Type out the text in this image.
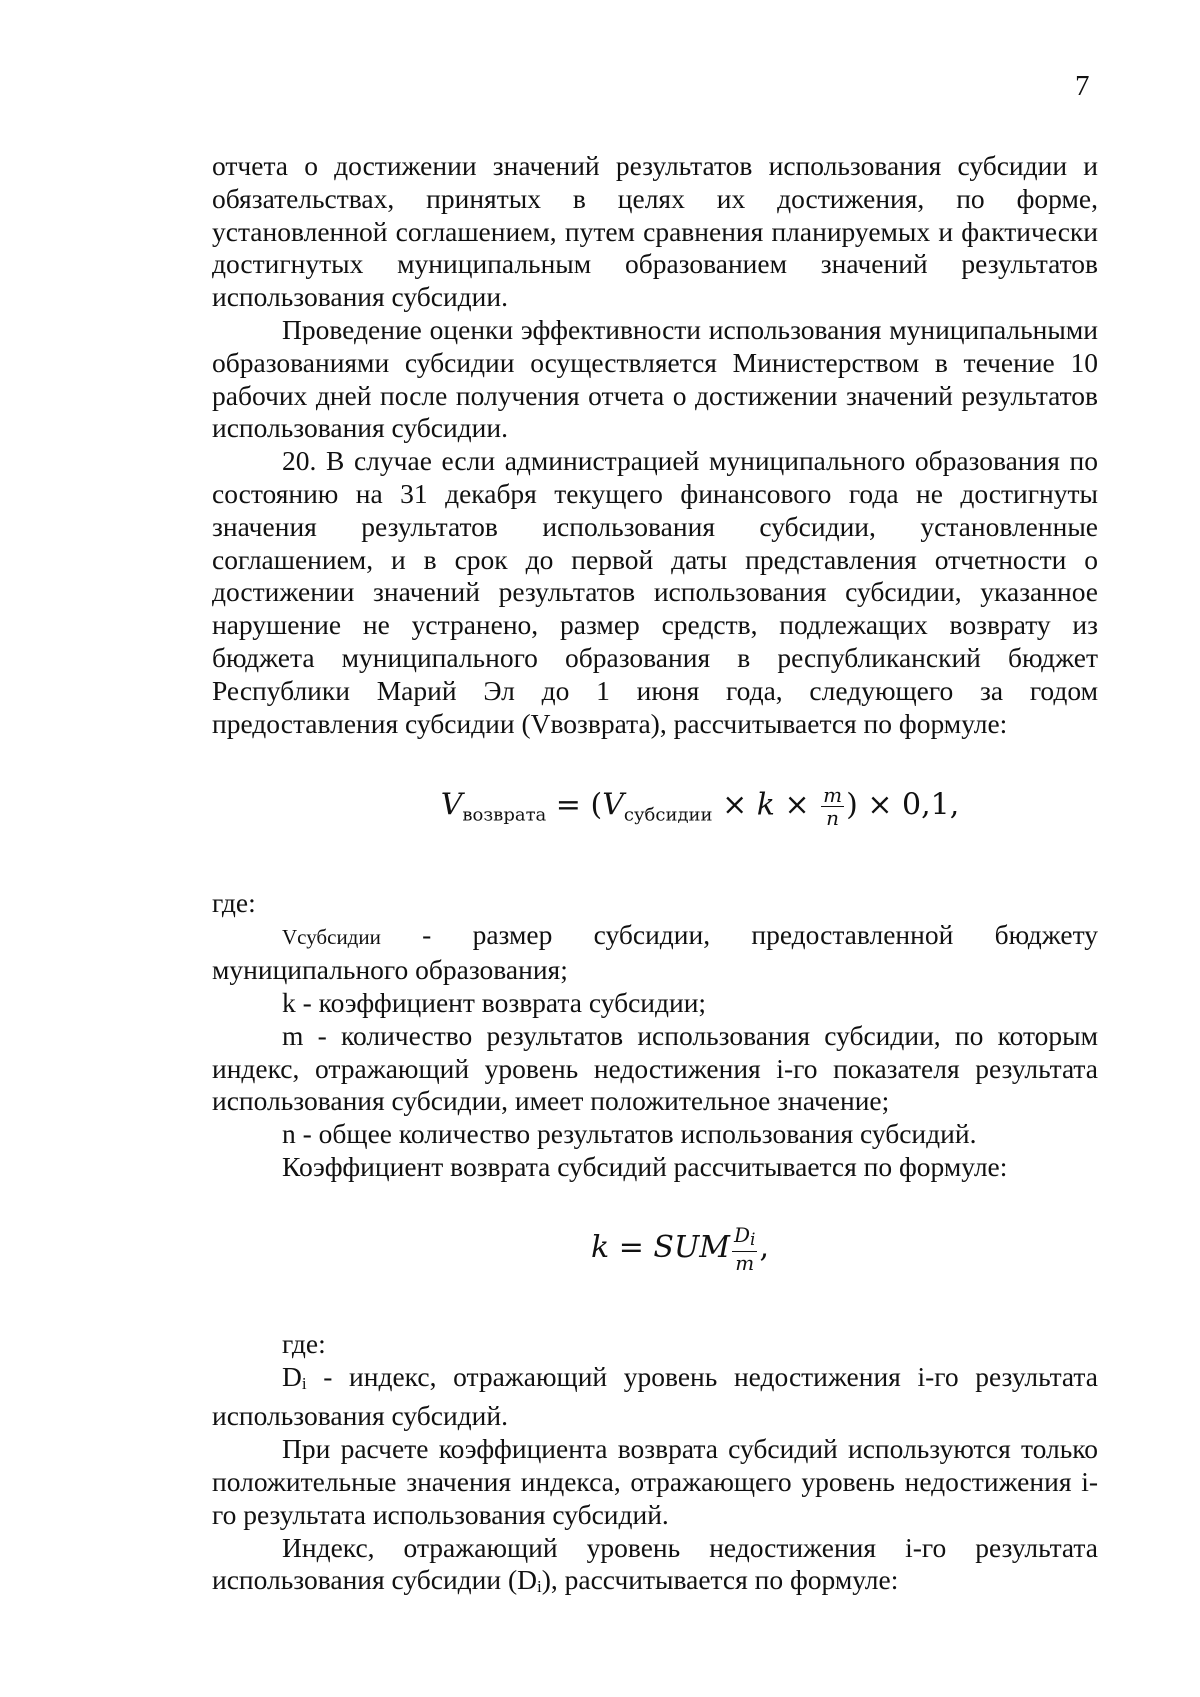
7

отчета о достижении значений результатов использования субсидии и обязательствах, принятых в целях их достижения, по форме, установленной соглашением, путем сравнения планируемых и фактически достигнутых муниципальным образованием значений результатов использования субсидии.

Проведение оценки эффективности использования муниципальными образованиями субсидии осуществляется Министерством в течение 10 рабочих дней после получения отчета о достижении значений результатов использования субсидии.

20. В случае если администрацией муниципального образования по состоянию на 31 декабря текущего финансового года не достигнуты значения результатов использования субсидии, установленные соглашением, и в срок до первой даты представления отчетности о достижении значений результатов использования субсидии, указанное нарушение не устранено, размер средств, подлежащих возврату из бюджета муниципального образования в республиканский бюджет Республики Марий Эл до 1 июня года, следующего за годом предоставления субсидии (Vвозврата), рассчитывается по формуле:

$V_{возврата} = (V_{субсидии} \times k \times \frac{m}{n}$ ) × 0,1,

где:

Vсубсидии - размер субсидии, предоставленной бюджету муниципального образования;

k - коэффициент возврата субсидии;

m - количество результатов использования субсидии, по которым индекс, отражающий уровень недостижения i-го показателя результата использования субсидии, имеет положительное значение;

n - общее количество результатов использования субсидий.

Коэффициент возврата субсидий рассчитывается по формуле:

k = SUM $\frac{Di}{m}$ ,

где:

Di - индекс, отражающий уровень недостижения i-го результата использования субсидий.

При расчете коэффициента возврата субсидий используются только положительные значения индекса, отражающего уровень недостижения i-го результата использования субсидий.

Индекс, отражающий уровень недостижения i-го результата использования субсидии (Di), рассчитывается по формуле:
